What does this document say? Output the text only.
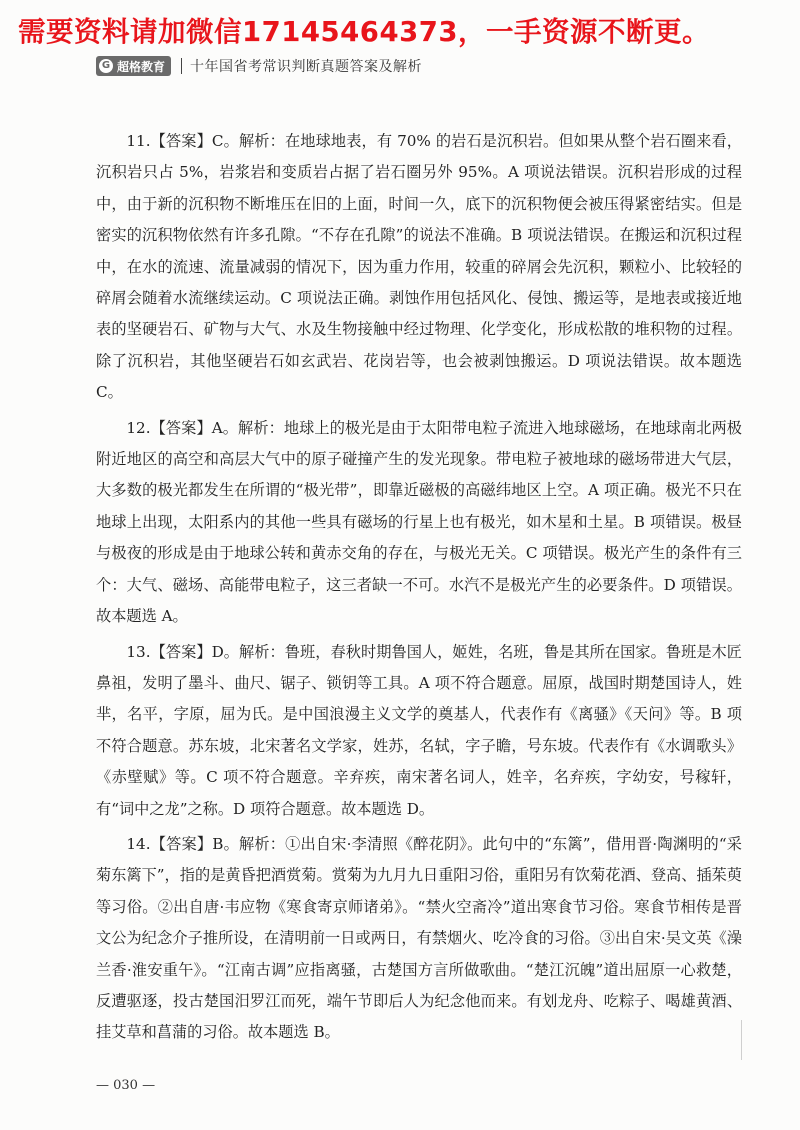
需要资料请加微信17145464373，一手资源不断更。
G 超格教育 十年国省考常识判断真题答案及解析

11.【答案】C。解析：在地球地表，有 70% 的岩石是沉积岩。但如果从整个岩石圈来看，沉积岩只占 5%，岩浆岩和变质岩占据了岩石圈另外 95%。A 项说法错误。沉积岩形成的过程中，由于新的沉积物不断堆压在旧的上面，时间一久，底下的沉积物便会被压得紧密结实。但是密实的沉积物依然有许多孔隙。“不存在孔隙”的说法不准确。B 项说法错误。在搬运和沉积过程中，在水的流速、流量减弱的情况下，因为重力作用，较重的碎屑会先沉积，颗粒小、比较轻的碎屑会随着水流继续运动。C 项说法正确。剥蚀作用包括风化、侵蚀、搬运等，是地表或接近地表的坚硬岩石、矿物与大气、水及生物接触中经过物理、化学变化，形成松散的堆积物的过程。除了沉积岩，其他坚硬岩石如玄武岩、花岗岩等，也会被剥蚀搬运。D 项说法错误。故本题选 C。

12.【答案】A。解析：地球上的极光是由于太阳带电粒子流进入地球磁场，在地球南北两极附近地区的高空和高层大气中的原子碰撞产生的发光现象。带电粒子被地球的磁场带进大气层，大多数的极光都发生在所谓的“极光带”，即靠近磁极的高磁纬地区上空。A 项正确。极光不只在地球上出现，太阳系内的其他一些具有磁场的行星上也有极光，如木星和土星。B 项错误。极昼与极夜的形成是由于地球公转和黄赤交角的存在，与极光无关。C 项错误。极光产生的条件有三个：大气、磁场、高能带电粒子，这三者缺一不可。水汽不是极光产生的必要条件。D 项错误。故本题选 A。

13.【答案】D。解析：鲁班，春秋时期鲁国人，姬姓，名班，鲁是其所在国家。鲁班是木匠鼻祖，发明了墨斗、曲尺、锯子、锁钥等工具。A 项不符合题意。屈原，战国时期楚国诗人，姓芈，名平，字原，屈为氏。是中国浪漫主义文学的奠基人，代表作有《离骚》《天问》等。B 项不符合题意。苏东坡，北宋著名文学家，姓苏，名轼，字子瞻，号东坡。代表作有《水调歌头》《赤壁赋》等。C 项不符合题意。辛弃疾，南宋著名词人，姓辛，名弃疾，字幼安，号稼轩，有“词中之龙”之称。D 项符合题意。故本题选 D。

14.【答案】B。解析：①出自宋·李清照《醉花阴》。此句中的“东篱”，借用晋·陶渊明的“采菊东篱下”，指的是黄昏把酒赏菊。赏菊为九月九日重阳习俗，重阳另有饮菊花酒、登高、插茱萸等习俗。②出自唐·韦应物《寒食寄京师诸弟》。“禁火空斋冷”道出寒食节习俗。寒食节相传是晋文公为纪念介子推所设，在清明前一日或两日，有禁烟火、吃冷食的习俗。③出自宋·吴文英《澡兰香·淮安重午》。“江南古调”应指离骚，古楚国方言所做歌曲。“楚江沉魄”道出屈原一心救楚，反遭驱逐，投古楚国汨罗江而死，端午节即后人为纪念他而来。有划龙舟、吃粽子、喝雄黄酒、挂艾草和菖蒲的习俗。故本题选 B。

— 030 —
